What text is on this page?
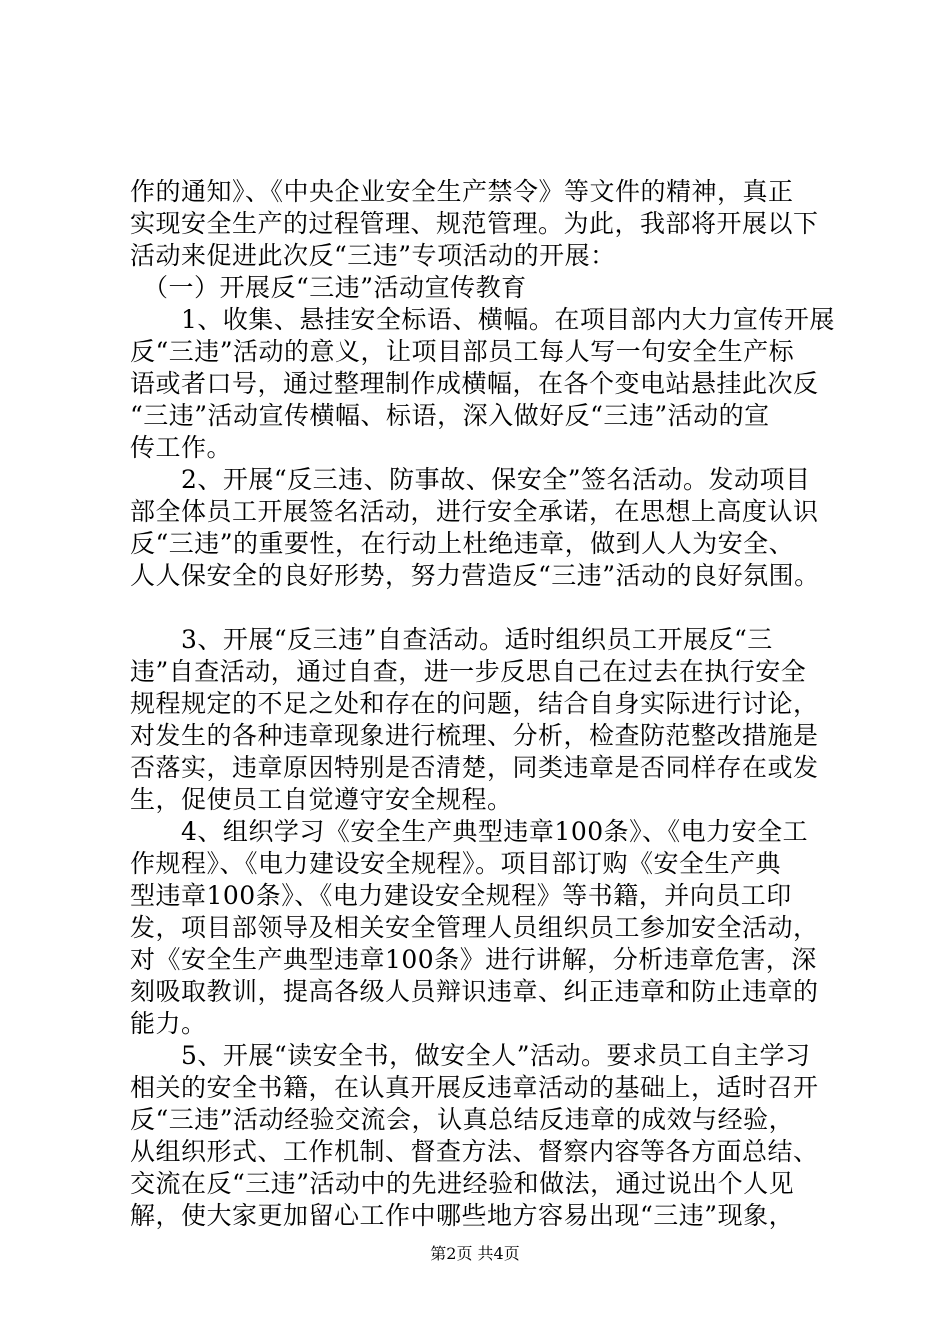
作的通知》、《中央企业安全生产禁令》等文件的精神，真正
实现安全生产的过程管理、规范管理。为此，我部将开展以下
活动来促进此次反“三违”专项活动的开展：
　（一）开展反“三违”活动宣传教育
　　1、收集、悬挂安全标语、横幅。在项目部内大力宣传开展
反“三违”活动的意义，让项目部员工每人写一句安全生产标
语或者口号，通过整理制作成横幅，在各个变电站悬挂此次反
“三违”活动宣传横幅、标语，深入做好反“三违”活动的宣
传工作。
　　2、开展“反三违、防事故、保安全”签名活动。发动项目
部全体员工开展签名活动，进行安全承诺，在思想上高度认识
反“三违”的重要性，在行动上杜绝违章，做到人人为安全、
人人保安全的良好形势，努力营造反“三违”活动的良好氛围。
　　3、开展“反三违”自查活动。适时组织员工开展反“三
违”自查活动，通过自查，进一步反思自己在过去在执行安全
规程规定的不足之处和存在的问题，结合自身实际进行讨论，
对发生的各种违章现象进行梳理、分析，检查防范整改措施是
否落实，违章原因特别是否清楚，同类违章是否同样存在或发
生，促使员工自觉遵守安全规程。
　　4、组织学习《安全生产典型违章100条》、《电力安全工
作规程》、《电力建设安全规程》。项目部订购《安全生产典
型违章100条》、《电力建设安全规程》等书籍，并向员工印
发，项目部领导及相关安全管理人员组织员工参加安全活动，
对《安全生产典型违章100条》进行讲解，分析违章危害，深
刻吸取教训，提高各级人员辩识违章、纠正违章和防止违章的
能力。
　　5、开展“读安全书，做安全人”活动。要求员工自主学习
相关的安全书籍，在认真开展反违章活动的基础上，适时召开
反“三违”活动经验交流会，认真总结反违章的成效与经验，
从组织形式、工作机制、督查方法、督察内容等各方面总结、
交流在反“三违”活动中的先进经验和做法，通过说出个人见
解，使大家更加留心工作中哪些地方容易出现“三违”现象，
第2页 共4页
